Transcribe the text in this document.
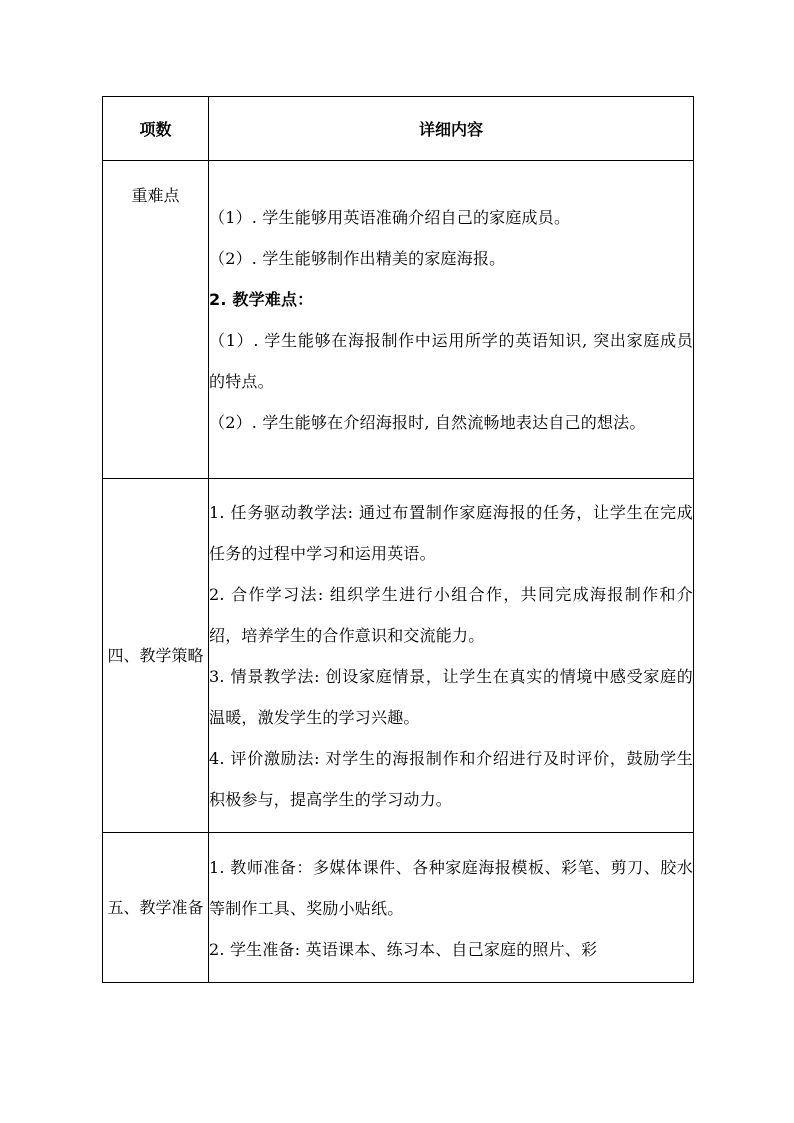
项数	详细内容
重难点	（1）. 学生能够用英语准确介绍自己的家庭成员。

（2）. 学生能够制作出精美的家庭海报。

2. 教学难点：

（1）. 学生能够在海报制作中运用所学的英语知识, 突出家庭成员的特点。

（2）. 学生能够在介绍海报时, 自然流畅地表达自己的想法。

四、教学策略	1. 任务驱动教学法: 通过布置制作家庭海报的任务，让学生在完成任务的过程中学习和运用英语。

2. 合作学习法: 组织学生进行小组合作，共同完成海报制作和介绍，培养学生的合作意识和交流能力。

3. 情景教学法: 创设家庭情景，让学生在真实的情境中感受家庭的温暖，激发学生的学习兴趣。

4. 评价激励法: 对学生的海报制作和介绍进行及时评价，鼓励学生积极参与，提高学生的学习动力。

五、教学准备	1. 教师准备：多媒体课件、各种家庭海报模板、彩笔、剪刀、胶水等制作工具、奖励小贴纸。

2. 学生准备: 英语课本、练习本、自己家庭的照片、彩
